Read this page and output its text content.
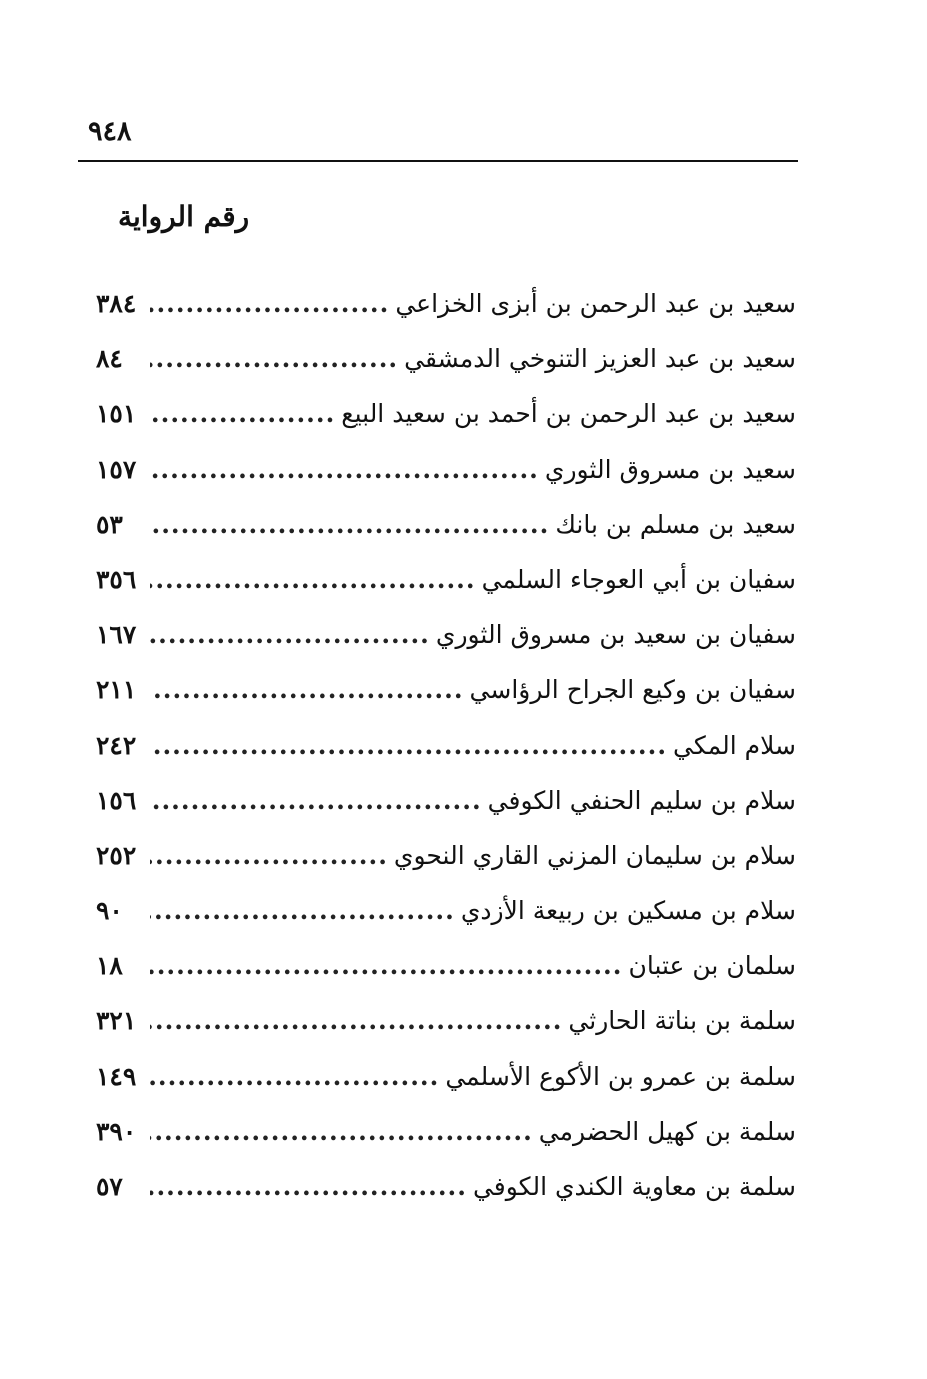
٩٤٨
رقم الرواية
سعيد بن عبد الرحمن بن أبزى الخزاعي
.....
٣٨٤
سعيد بن عبد العزيز التنوخي الدمشقي
.....
٨٤
سعيد بن عبد الرحمن بن أحمد بن سعيد البيع
.....
١٥١
سعيد بن مسروق الثوري
.....
١٥٧
سعيد بن مسلم بن بانك
.....
٥٣
سفيان بن أبي العوجاء السلمي
.....
٣٥٦
سفيان بن سعيد بن مسروق الثوري
.....
١٦٧
سفيان بن وكيع الجراح الرؤاسي
.....
٢١١
سلام المكي
.....
٢٤٢
سلام بن سليم الحنفي الكوفي
.....
١٥٦
سلام بن سليمان المزني القاري النحوي
.....
٢٥٢
سلام بن مسكين بن ربيعة الأزدي
.....
٩٠
سلمان بن عتبان
.....
١٨
سلمة بن بناتة الحارثي
.....
٣٢١
سلمة بن عمرو بن الأكوع الأسلمي
.....
١٤٩
سلمة بن كهيل الحضرمي
.....
٣٩٠
سلمة بن معاوية الكندي الكوفي
.....
٥٧
